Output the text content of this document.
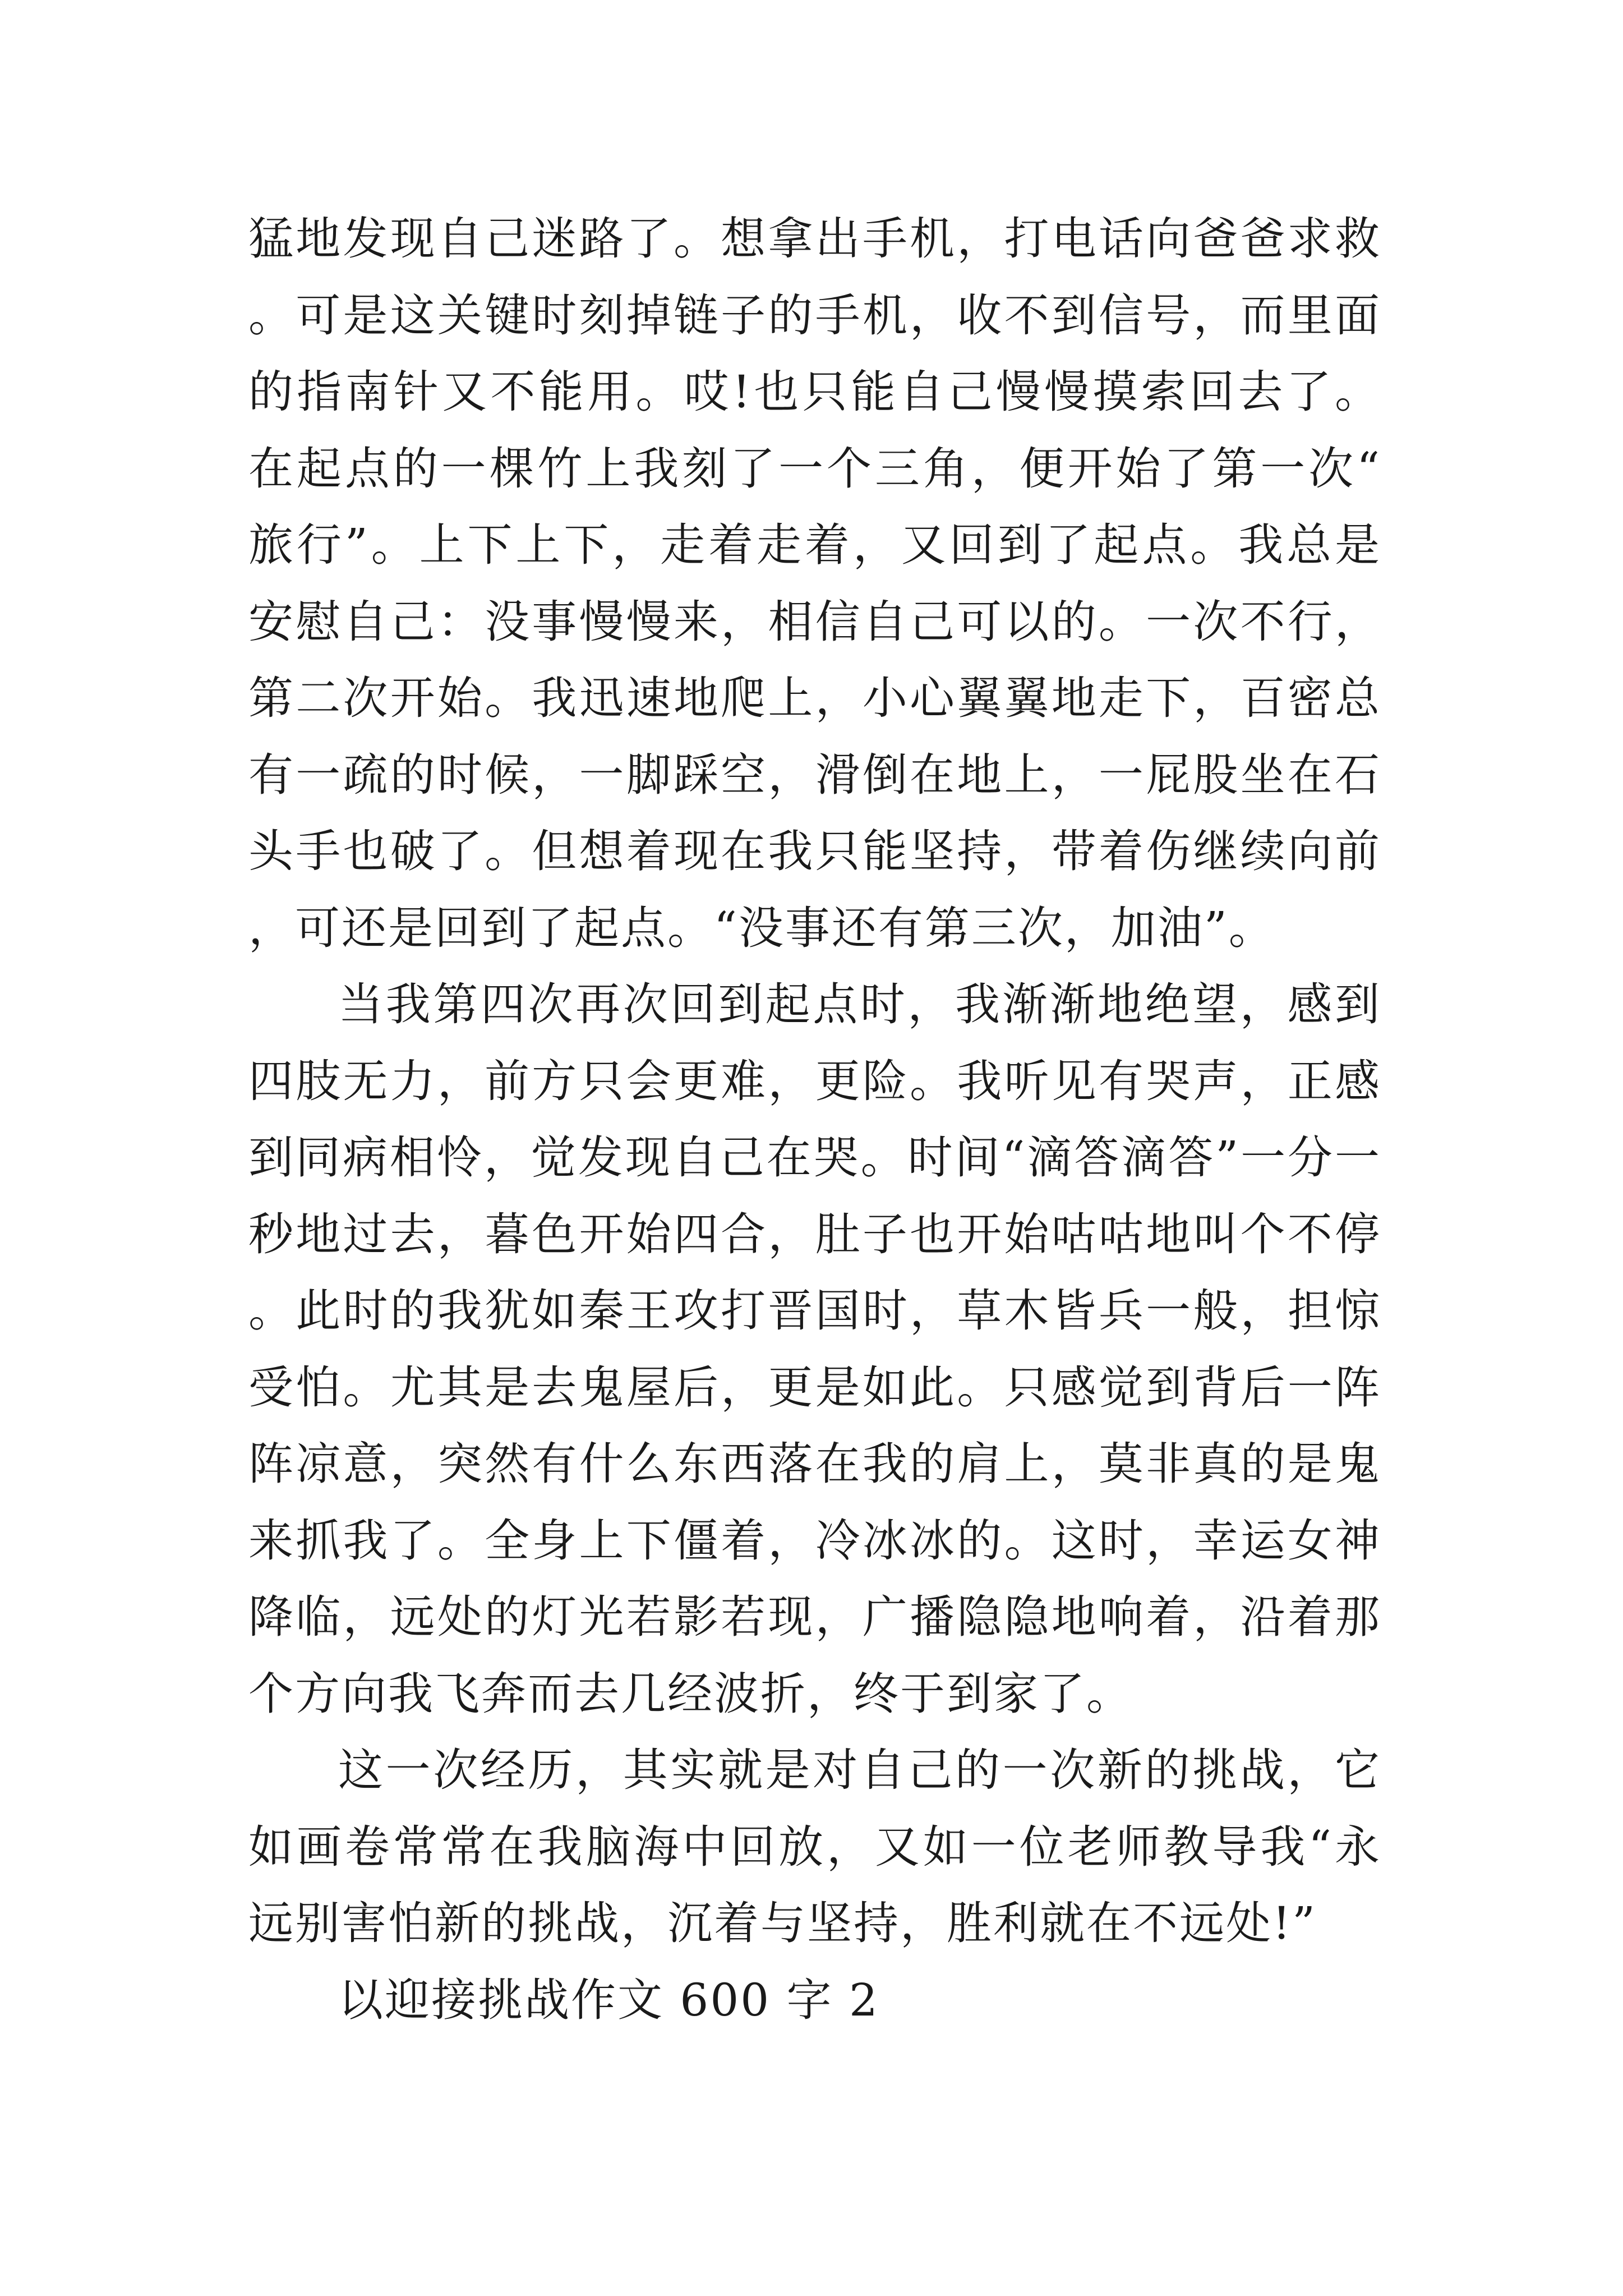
猛地发现自己迷路了。想拿出手机，打电话向爸爸求救。可是这关键时刻掉链子的手机，收不到信号，而里面的指南针又不能用。哎!也只能自己慢慢摸索回去了。在起点的一棵竹上我刻了一个三角，便开始了第一次“旅行”。上下上下，走着走着，又回到了起点。我总是安慰自己：没事慢慢来，相信自己可以的。一次不行，第二次开始。我迅速地爬上，小心翼翼地走下，百密总有一疏的时候，一脚踩空，滑倒在地上，一屁股坐在石头手也破了。但想着现在我只能坚持，带着伤继续向前，可还是回到了起点。“没事还有第三次，加油”。

当我第四次再次回到起点时，我渐渐地绝望，感到四肢无力，前方只会更难，更险。我听见有哭声，正感到同病相怜，觉发现自己在哭。时间“滴答滴答”一分一秒地过去，暮色开始四合，肚子也开始咕咕地叫个不停。此时的我犹如秦王攻打晋国时，草木皆兵一般，担惊受怕。尤其是去鬼屋后，更是如此。只感觉到背后一阵阵凉意，突然有什么东西落在我的肩上，莫非真的是鬼来抓我了。全身上下僵着，冷冰冰的。这时，幸运女神降临，远处的灯光若影若现，广播隐隐地响着，沿着那个方向我飞奔而去几经波折，终于到家了。

这一次经历，其实就是对自己的一次新的挑战，它如画卷常常在我脑海中回放，又如一位老师教导我“永远别害怕新的挑战，沉着与坚持，胜利就在不远处!”

以迎接挑战作文 600 字 2
